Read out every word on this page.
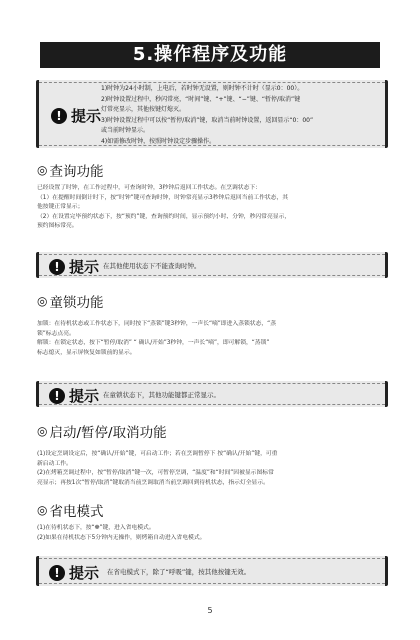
5.操作程序及功能
! 提示
1)时钟为24小时制，上电后，若时钟无设置，则时钟不计时（显示0：00）。
2)时钟设置过程中，秒闪常亮，“时间”键、“+”键、“−”键、“暂停/取消”键
灯常亮显示，其他按键灯熄灭。
3)时钟设置过程中可以按“暂停/取消”键，取消当前时钟设置，返回显示“0：00”
或当前时钟显示。
4)如需修改时钟，按照时钟设定步骤操作。
◎ 查询功能
已经设置了时钟，在工作过程中，可查询时钟，3秒钟后返回工作状态。在烹调状态下：
（1）在提醒时间倒计时下，按“时钟”键可查询时钟，时钟常亮显示3秒钟后返回当前工作状态，其
他按键正常显示；
（2）在设置完毕预约状态下，按“预约”键，查询预约时间，显示预约小时、分钟，秒闪常亮显示，
预约图标常亮。
! 提示 在其他使用状态下不能查询时钟。
◎ 童锁功能
加锁：在待机状态或工作状态下，同时按下“蒸锁”键3秒钟，一声长“嘀”即进入蒸锁状态，“蒸
锁”标志点亮。
解锁：在锁定状态，按下“暂停/取消” “ 确认/开始”3秒钟，一声长“嘀”，即可解锁，“蒸锁”
标志熄灭，显示屏恢复如锁前的显示。
! 提示 在童锁状态下，其他功能键都正常显示。
◎ 启动/暂停/取消功能
(1)设定烹调设定后，按“确认/开始”键，可启动工作；若在烹调暂停下 按“确认/开始”键，可重
新启动工作。
(2)在烤箱烹调过程中，按“暂停/取消”键一次，可暂停烹调，“温度”和“时间”因被显示图标常
亮显示；再按1次“暂停/取消”键取消当前烹调取消当前烹调回到待机状态，指示灯全显示。
◎ 省电模式
(1)在待机状态下，按“❁”键，进入省电模式。
(2)如果在待机状态下5分钟内无操作，则烤箱自动进入省电模式。
! 提示 在省电模式下，除了“呼吸”键，按其他按键无效。
5
